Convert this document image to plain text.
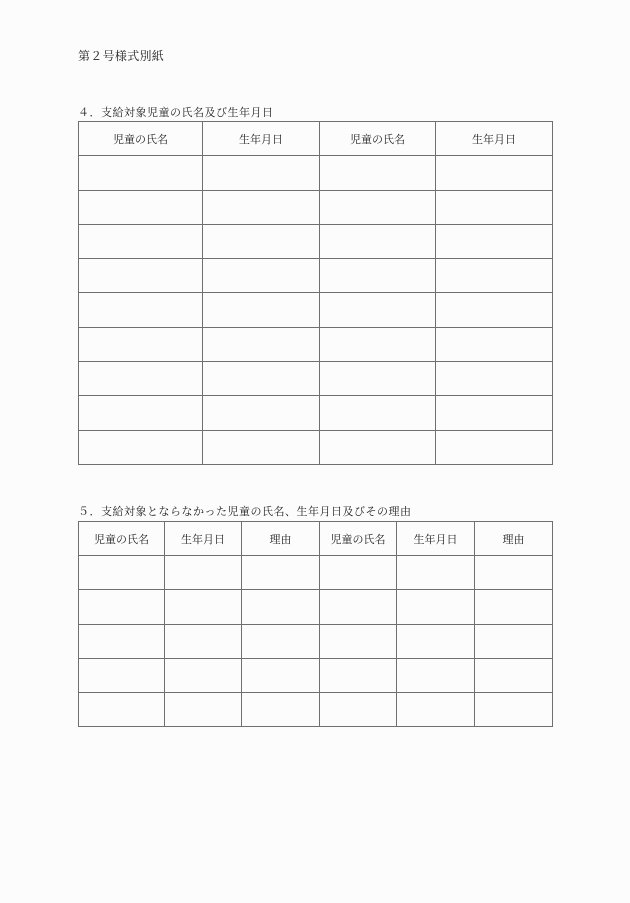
第２号様式別紙
４．支給対象児童の氏名及び生年月日
児童の氏名	生年月日	児童の氏名	生年月日

５．支給対象とならなかった児童の氏名、生年月日及びその理由
児童の氏名	生年月日	理由	児童の氏名	生年月日	理由
